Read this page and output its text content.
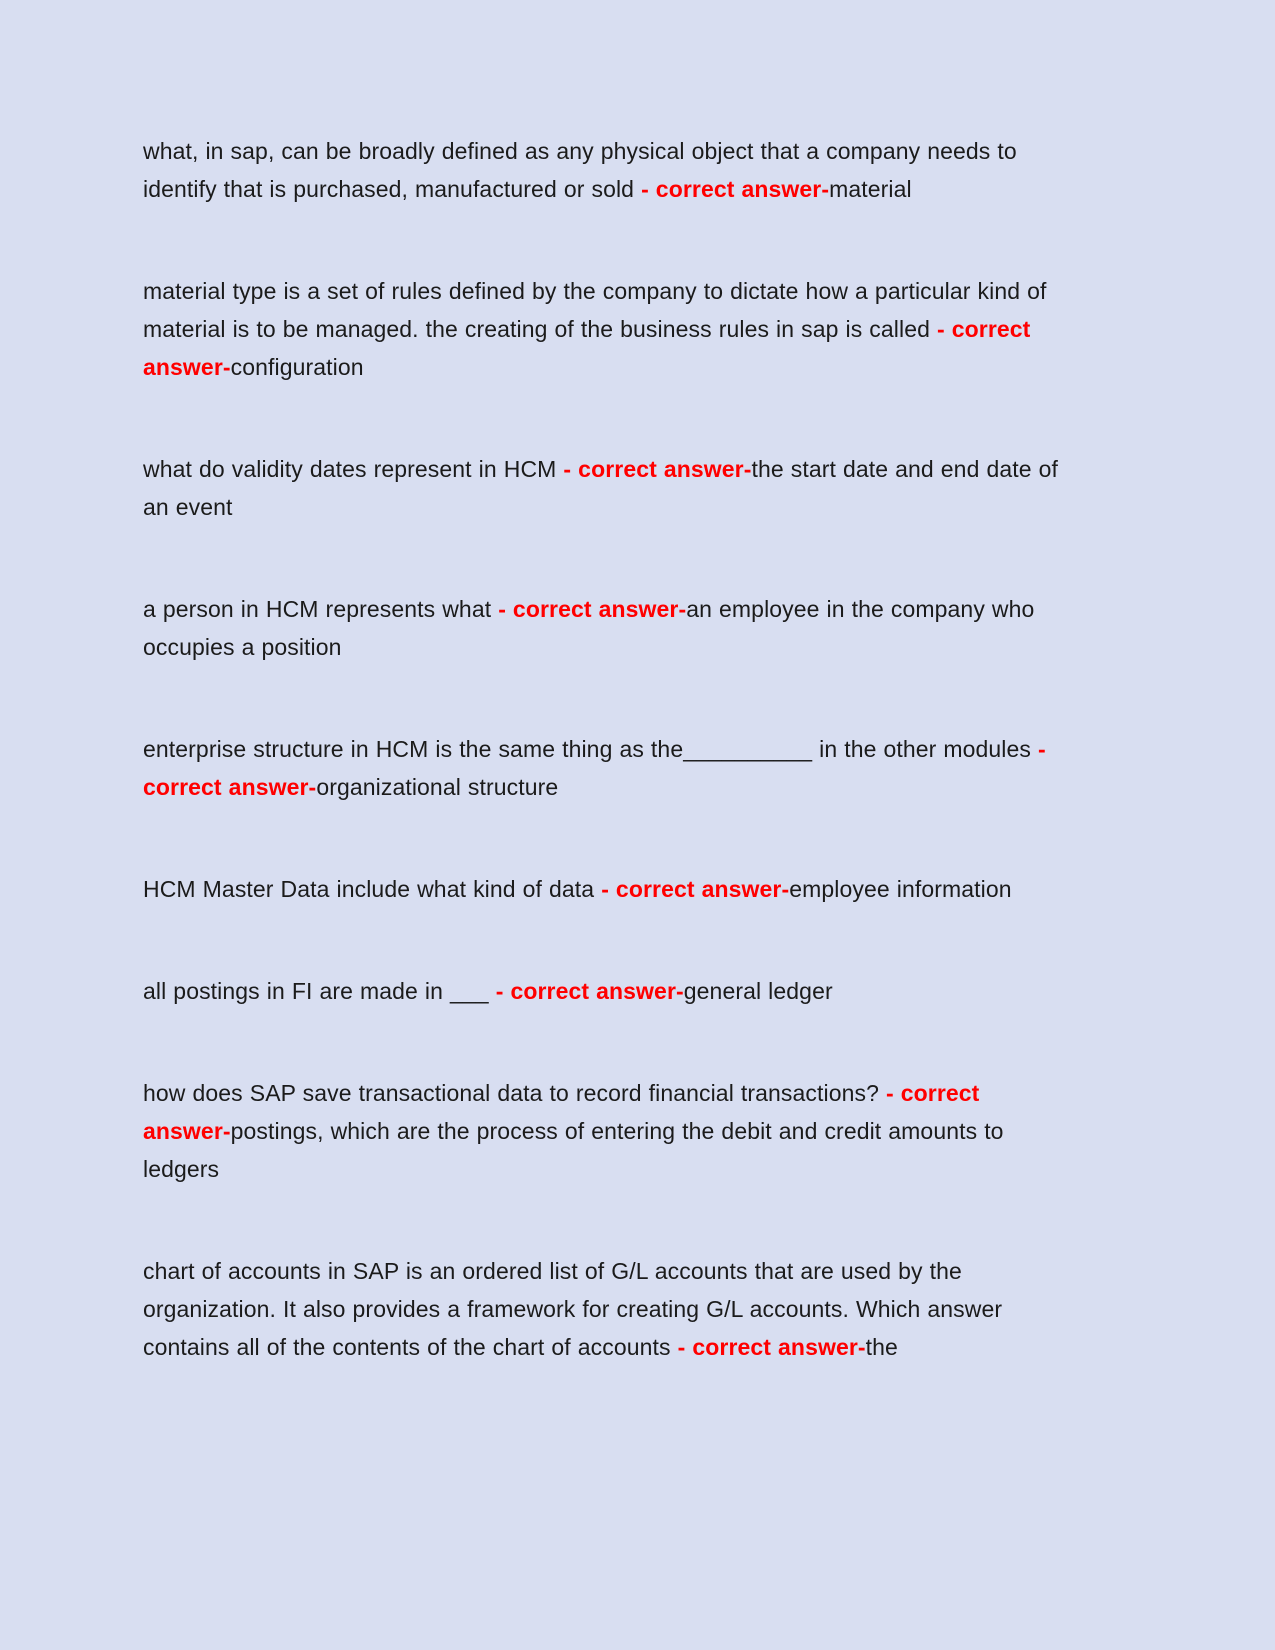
what, in sap, can be broadly defined as any physical object that a company needs to identify that is purchased, manufactured or sold - correct answer-material

material type is a set of rules defined by the company to dictate how a particular kind of material is to be managed. the creating of the business rules in sap is called - correct answer-configuration

what do validity dates represent in HCM - correct answer-the start date and end date of an event

a person in HCM represents what - correct answer-an employee in the company who occupies a position

enterprise structure in HCM is the same thing as the__________ in the other modules - correct answer-organizational structure

HCM Master Data include what kind of data - correct answer-employee information

all postings in FI are made in ___ - correct answer-general ledger

how does SAP save transactional data to record financial transactions? - correct answer-postings, which are the process of entering the debit and credit amounts to ledgers

chart of accounts in SAP is an ordered list of G/L accounts that are used by the organization. It also provides a framework for creating G/L accounts. Which answer contains all of the contents of the chart of accounts - correct answer-the
